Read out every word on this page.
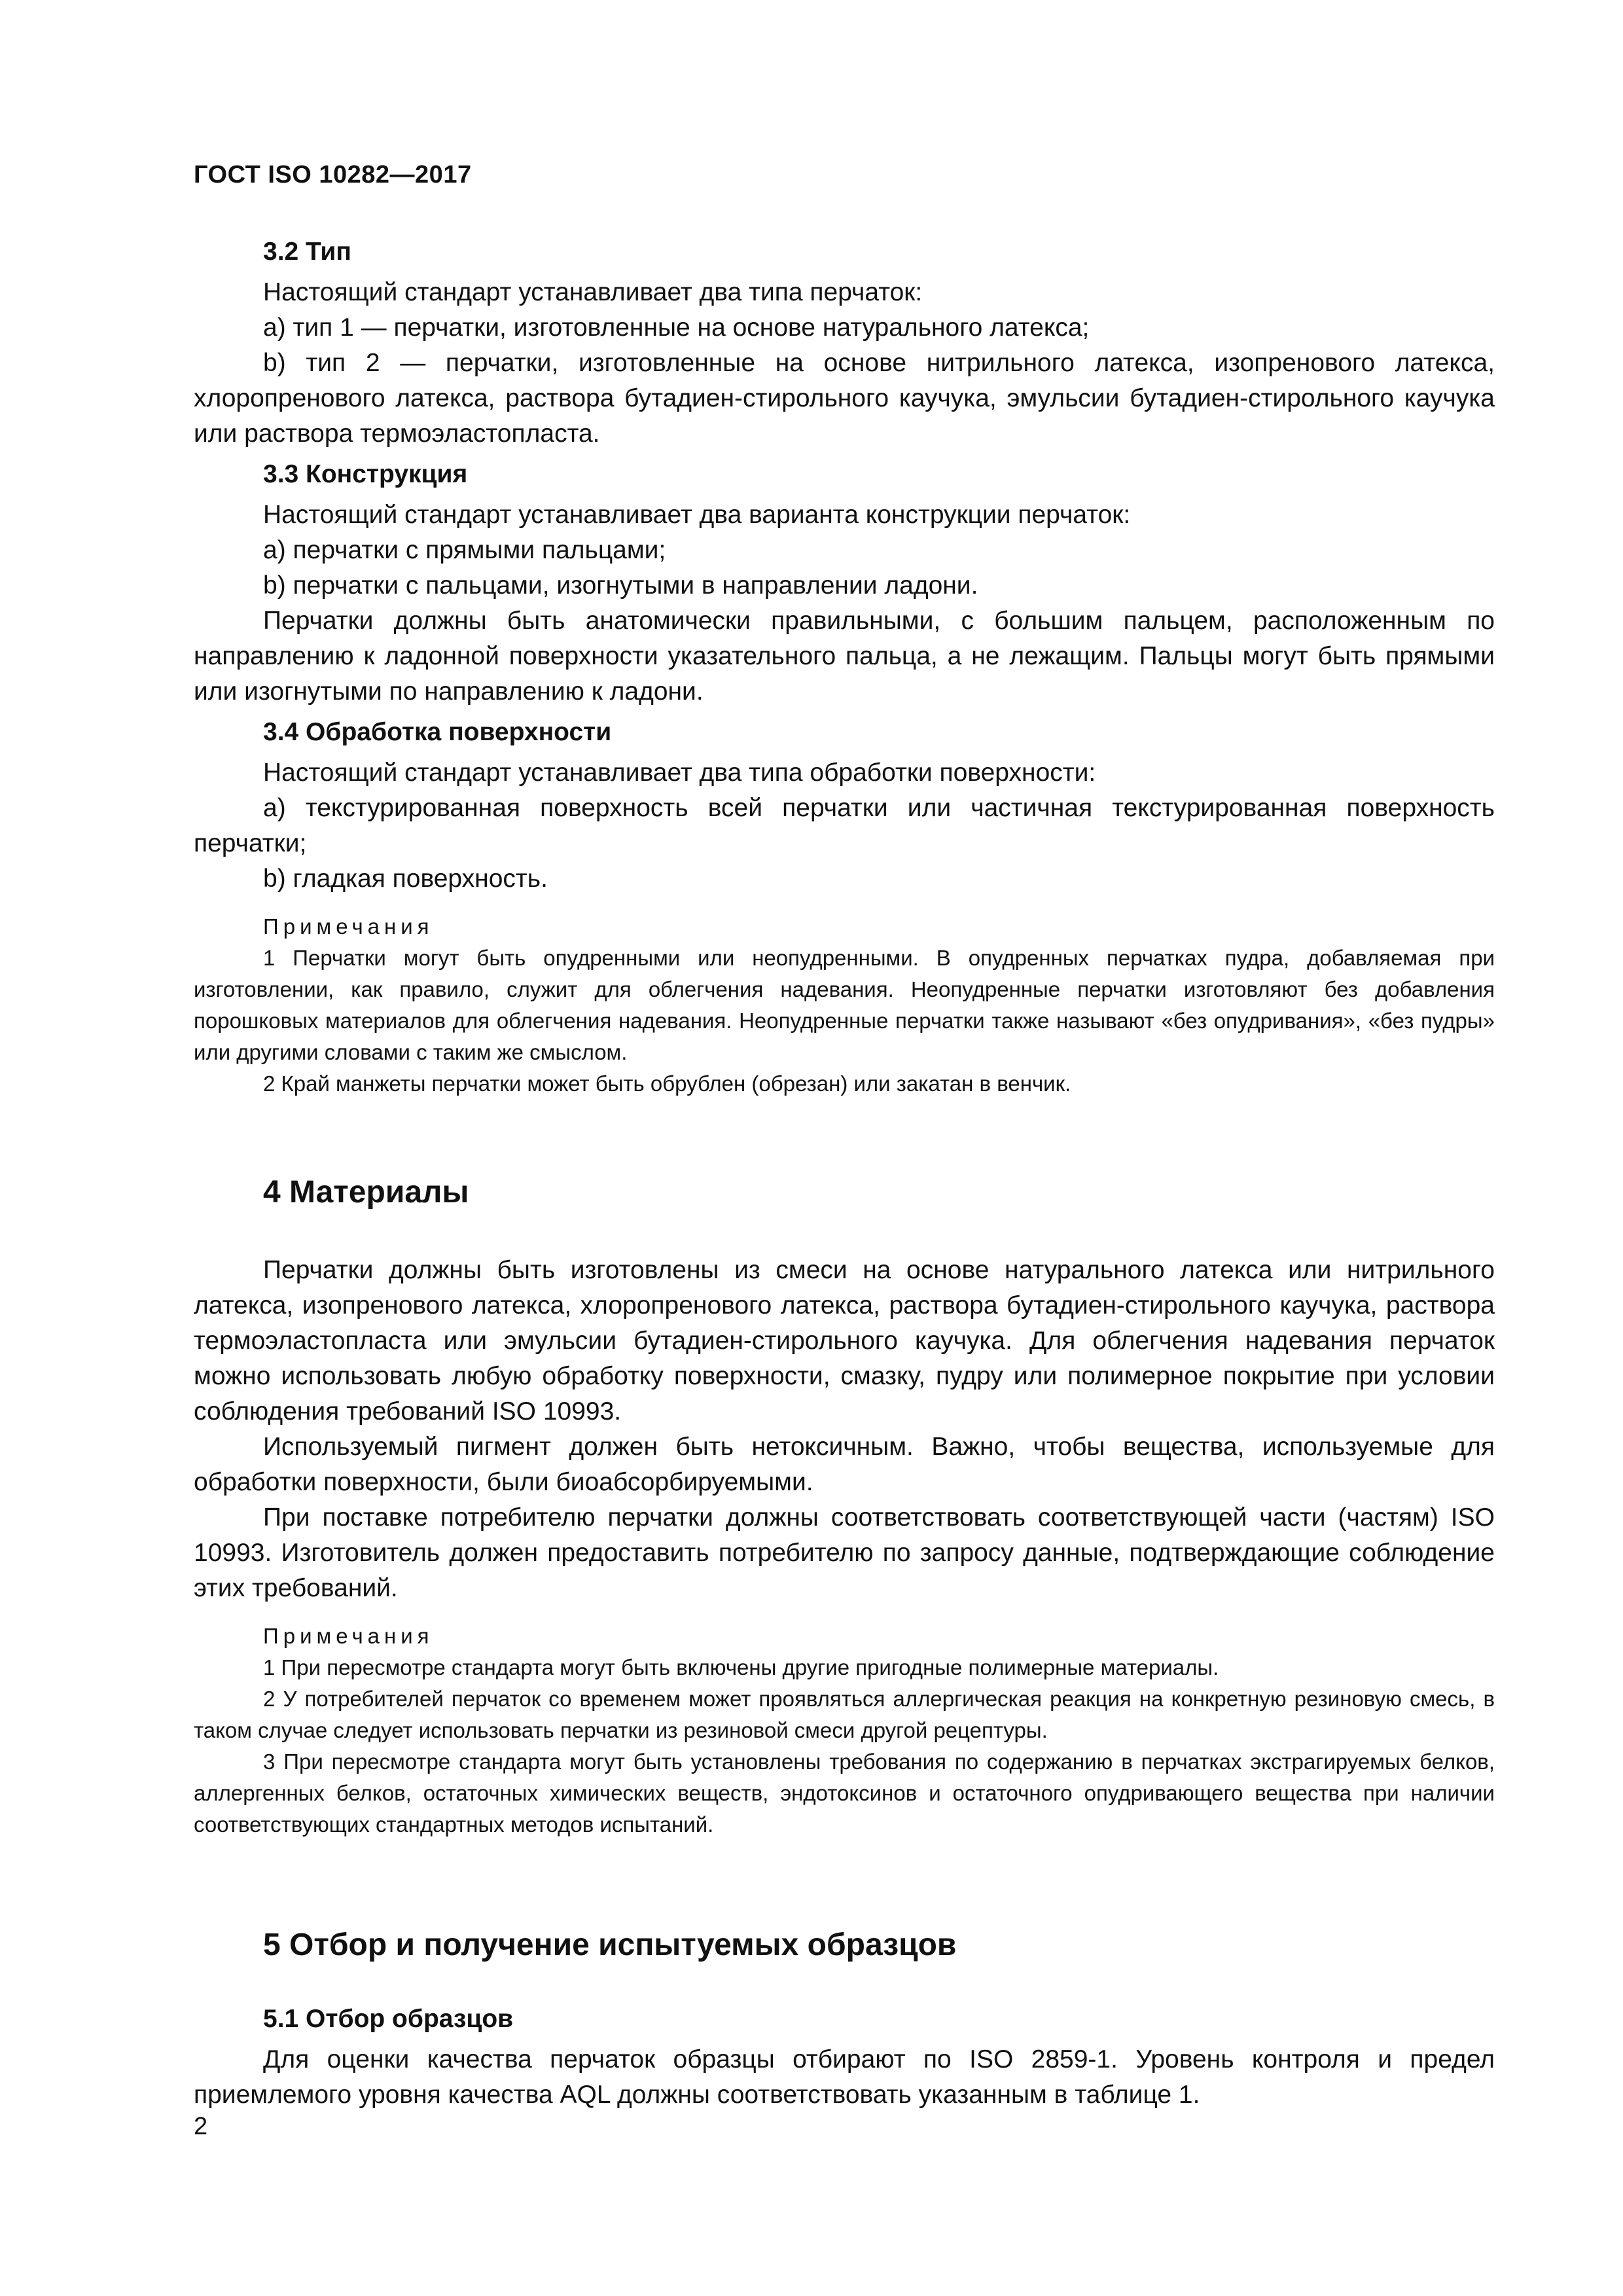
ГОСТ ISO 10282—2017
3.2 Тип

Настоящий стандарт устанавливает два типа перчаток:

a) тип 1 — перчатки, изготовленные на основе натурального латекса;

b) тип 2 — перчатки, изготовленные на основе нитрильного латекса, изопренового латекса, хлоропренового латекса, раствора бутадиен-стирольного каучука, эмульсии бутадиен-стирольного каучука или раствора термоэластопласта.

3.3 Конструкция

Настоящий стандарт устанавливает два варианта конструкции перчаток:

a) перчатки с прямыми пальцами;

b) перчатки с пальцами, изогнутыми в направлении ладони.

Перчатки должны быть анатомически правильными, с большим пальцем, расположенным по направлению к ладонной поверхности указательного пальца, а не лежащим. Пальцы могут быть прямыми или изогнутыми по направлению к ладони.

3.4 Обработка поверхности

Настоящий стандарт устанавливает два типа обработки поверхности:

a) текстурированная поверхность всей перчатки или частичная текстурированная поверхность перчатки;

b) гладкая поверхность.

Примечания

1 Перчатки могут быть опудренными или неопудренными. В опудренных перчатках пудра, добавляемая при изготовлении, как правило, служит для облегчения надевания. Неопудренные перчатки изготовляют без добавления порошковых материалов для облегчения надевания. Неопудренные перчатки также называют «без опудривания», «без пудры» или другими словами с таким же смыслом.

2 Край манжеты перчатки может быть обрублен (обрезан) или закатан в венчик.

4 Материалы

Перчатки должны быть изготовлены из смеси на основе натурального латекса или нитрильного латекса, изопренового латекса, хлоропренового латекса, раствора бутадиен-стирольного каучука, раствора термоэластопласта или эмульсии бутадиен-стирольного каучука. Для облегчения надевания перчаток можно использовать любую обработку поверхности, смазку, пудру или полимерное покрытие при условии соблюдения требований ISO 10993.

Используемый пигмент должен быть нетоксичным. Важно, чтобы вещества, используемые для обработки поверхности, были биоабсорбируемыми.

При поставке потребителю перчатки должны соответствовать соответствующей части (частям) ISO 10993. Изготовитель должен предоставить потребителю по запросу данные, подтверждающие соблюдение этих требований.

Примечания

1 При пересмотре стандарта могут быть включены другие пригодные полимерные материалы.

2 У потребителей перчаток со временем может проявляться аллергическая реакция на конкретную резиновую смесь, в таком случае следует использовать перчатки из резиновой смеси другой рецептуры.

3 При пересмотре стандарта могут быть установлены требования по содержанию в перчатках экстрагируемых белков, аллергенных белков, остаточных химических веществ, эндотоксинов и остаточного опудривающего вещества при наличии соответствующих стандартных методов испытаний.

5 Отбор и получение испытуемых образцов
5.1 Отбор образцов

Для оценки качества перчаток образцы отбирают по ISO 2859-1. Уровень контроля и предел приемлемого уровня качества AQL должны соответствовать указанным в таблице 1.

2
